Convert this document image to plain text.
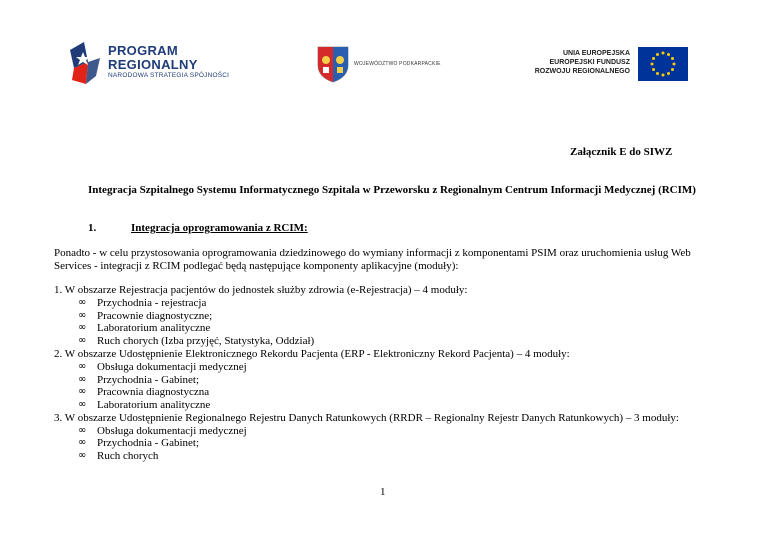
PROGRAM
REGIONALNY
NARODOWA STRATEGIA SPÓJNOŚCI
WOJEWÓDZTWO PODKARPACKIE
UNIA EUROPEJSKA
EUROPEJSKI FUNDUSZ
ROZWOJU REGIONALNEGO
Załącznik E do SIWZ
Integracja Szpitalnego Systemu Informatycznego Szpitala w Przeworsku z Regionalnym Centrum Informacji Medycznej (RCIM)
1.	Integracja oprogramowania z RCIM:
Ponadto - w celu przystosowania oprogramowania dziedzinowego do wymiany informacji z komponentami PSIM oraz uruchomienia usług Web Services - integracji z RCIM podlegać będą następujące komponenty aplikacyjne (moduły):
1. W obszarze Rejestracja pacjentów do jednostek służby zdrowia (e-Rejestracja) – 4 moduły:
∞ Przychodnia - rejestracja
∞ Pracownie diagnostyczne;
∞ Laboratorium analityczne
∞ Ruch chorych (Izba przyjęć, Statystyka, Oddział)
2. W obszarze Udostępnienie Elektronicznego Rekordu Pacjenta (ERP - Elektroniczny Rekord Pacjenta) – 4 moduły:
∞ Obsługa dokumentacji medycznej
∞ Przychodnia - Gabinet;
∞ Pracownia diagnostyczna
∞ Laboratorium analityczne
3. W obszarze Udostępnienie Regionalnego Rejestru Danych Ratunkowych (RRDR – Regionalny Rejestr Danych Ratunkowych) – 3 moduły:
∞ Obsługa dokumentacji medycznej
∞ Przychodnia - Gabinet;
∞ Ruch chorych
1
